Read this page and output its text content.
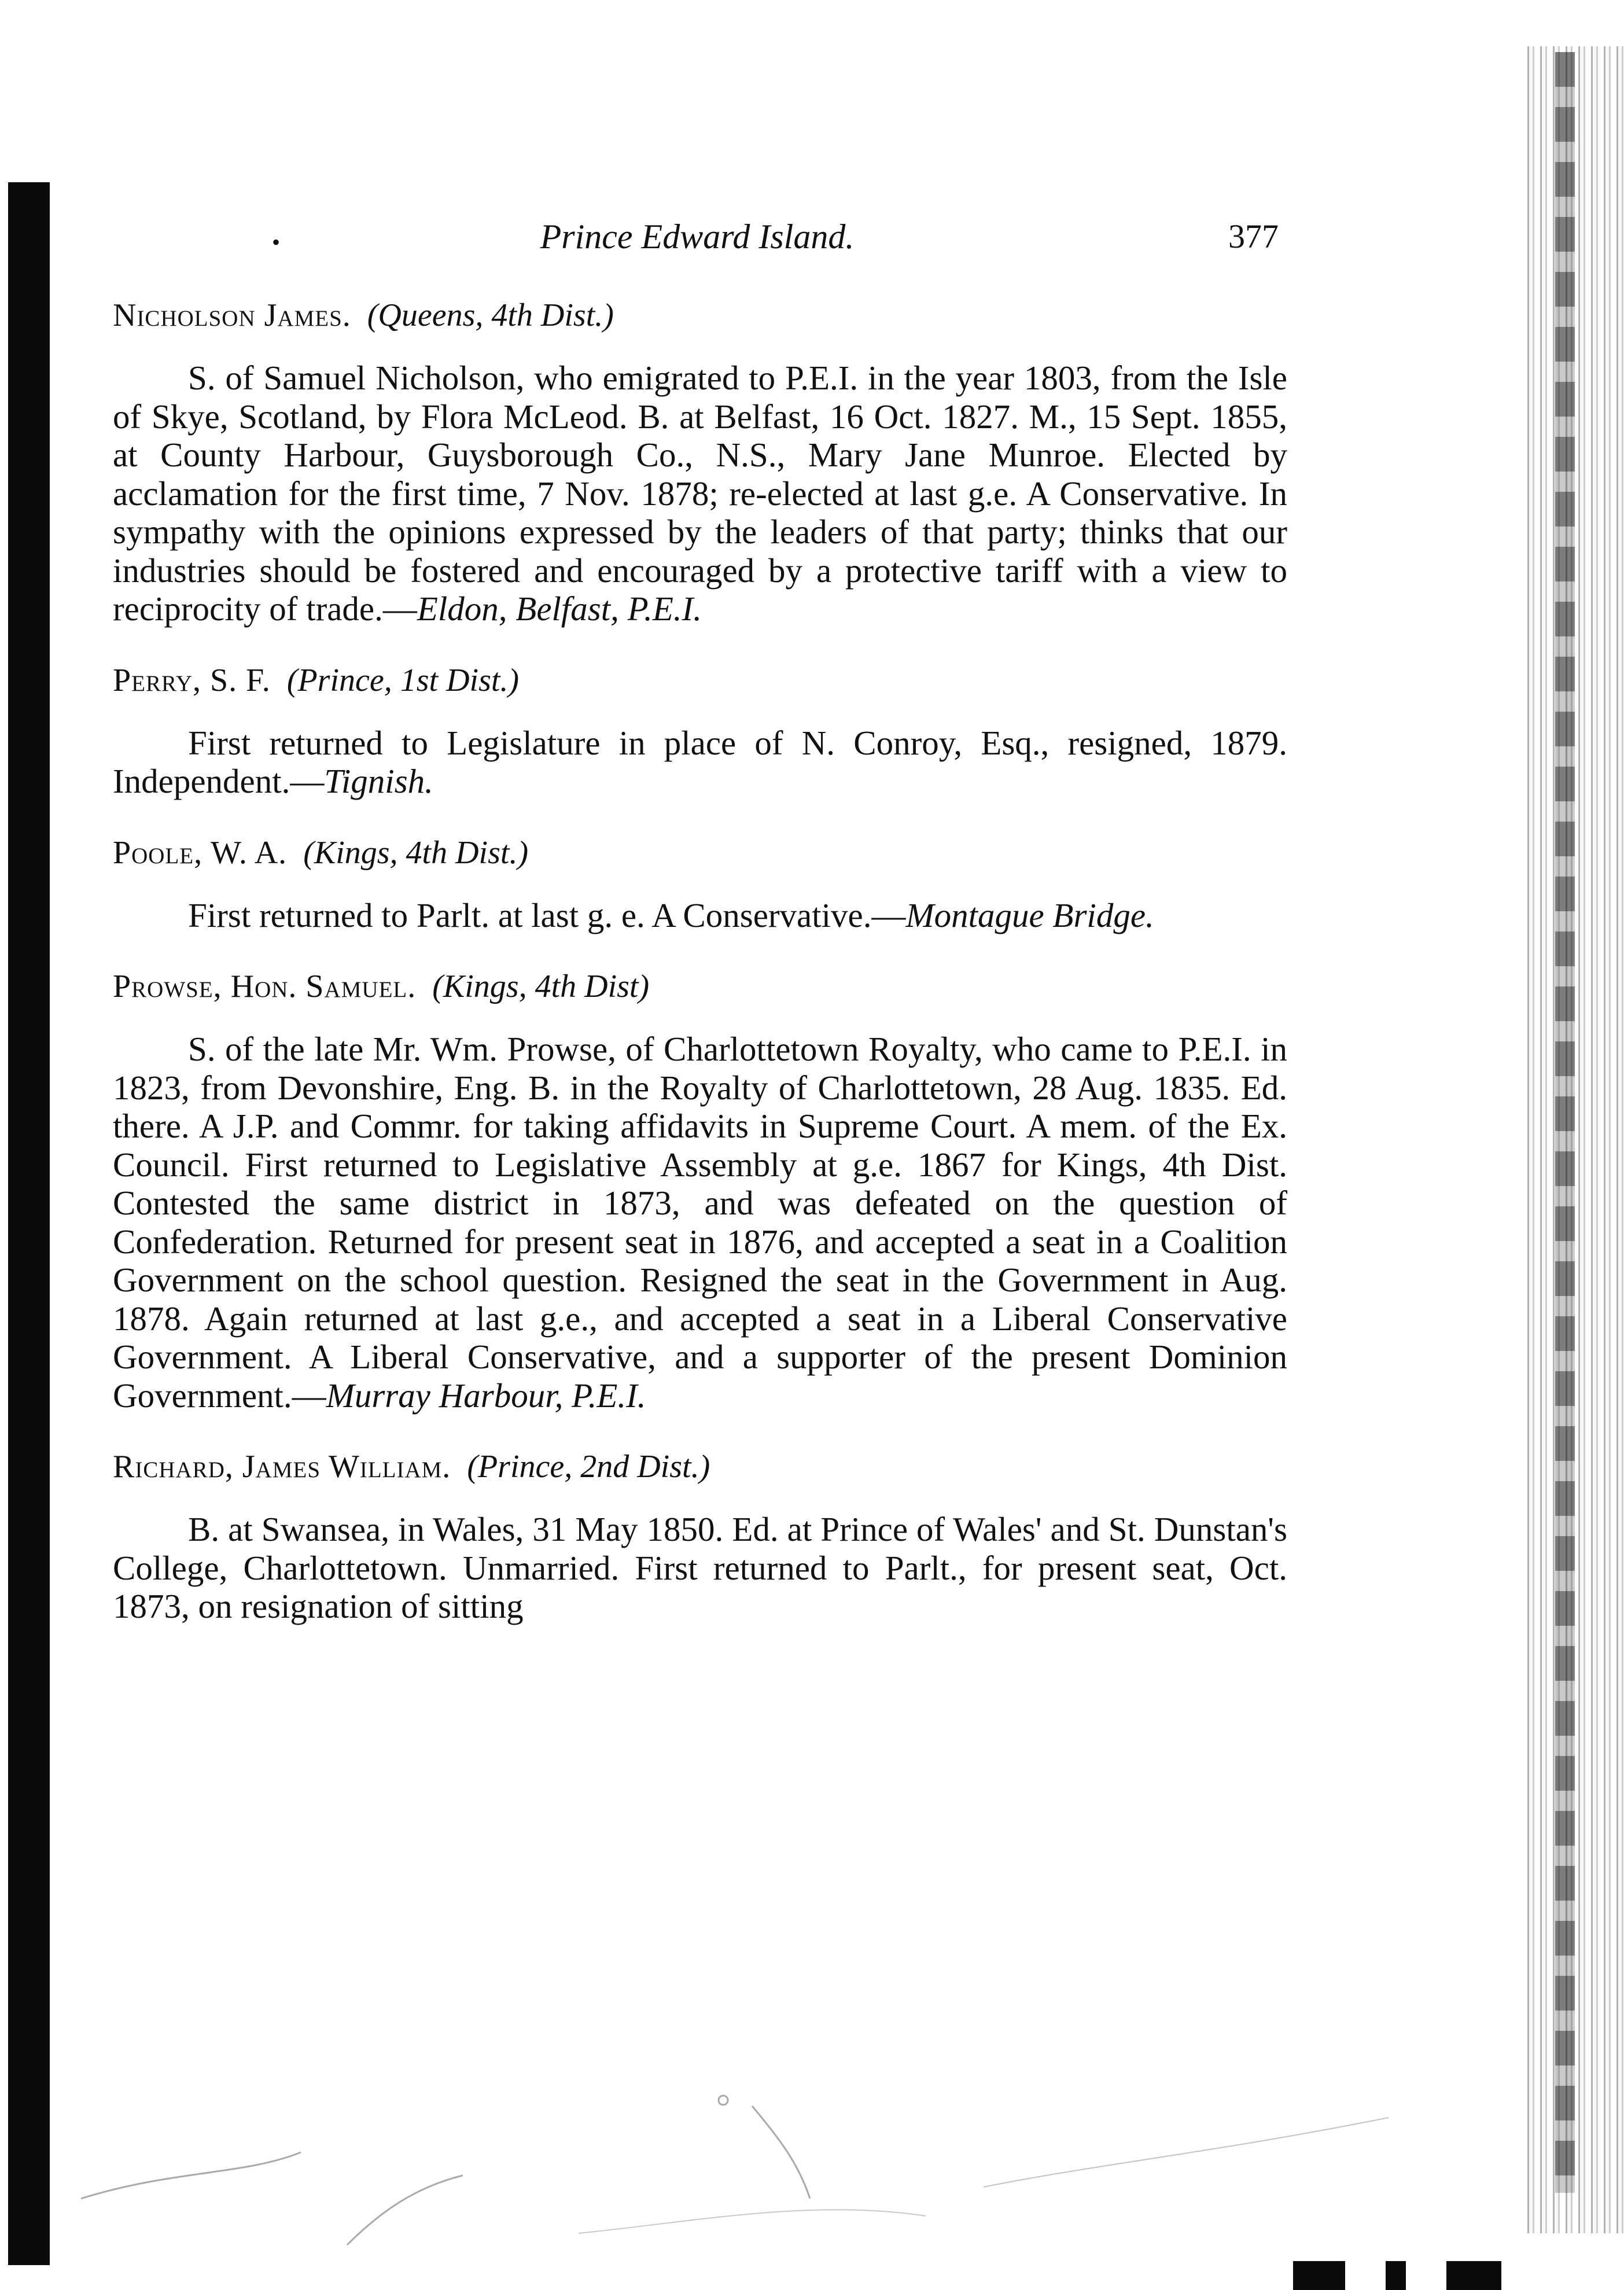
•	Prince Edward Island.	377

Nicholson James. (Queens, 4th Dist.)

S. of Samuel Nicholson, who emigrated to P.E.I. in the year 1803, from the Isle of Skye, Scotland, by Flora McLeod. B. at Belfast, 16 Oct. 1827. M., 15 Sept. 1855, at County Harbour, Guysborough Co., N.S., Mary Jane Munroe. Elected by acclamation for the first time, 7 Nov. 1878; re-elected at last g.e. A Conservative. In sympathy with the opinions expressed by the leaders of that party; thinks that our industries should be fostered and encouraged by a protective tariff with a view to reciprocity of trade.—Eldon, Belfast, P.E.I.

Perry, S. F. (Prince, 1st Dist.)

First returned to Legislature in place of N. Conroy, Esq., resigned, 1879. Independent.—Tignish.

Poole, W. A. (Kings, 4th Dist.)

First returned to Parlt. at last g. e. A Conservative.—Montague Bridge.

Prowse, Hon. Samuel. (Kings, 4th Dist)

S. of the late Mr. Wm. Prowse, of Charlottetown Royalty, who came to P.E.I. in 1823, from Devonshire, Eng. B. in the Royalty of Charlottetown, 28 Aug. 1835. Ed. there. A J.P. and Commr. for taking affidavits in Supreme Court. A mem. of the Ex. Council. First returned to Legislative Assembly at g.e. 1867 for Kings, 4th Dist. Contested the same district in 1873, and was defeated on the question of Confederation. Returned for present seat in 1876, and accepted a seat in a Coalition Government on the school question. Resigned the seat in the Government in Aug. 1878. Again returned at last g.e., and accepted a seat in a Liberal Conservative Government. A Liberal Conservative, and a supporter of the present Dominion Government.—Murray Harbour, P.E.I.

Richard, James William. (Prince, 2nd Dist.)

B. at Swansea, in Wales, 31 May 1850. Ed. at Prince of Wales' and St. Dunstan's College, Charlottetown. Unmarried. First returned to Parlt., for present seat, Oct. 1873, on resignation of sitting
